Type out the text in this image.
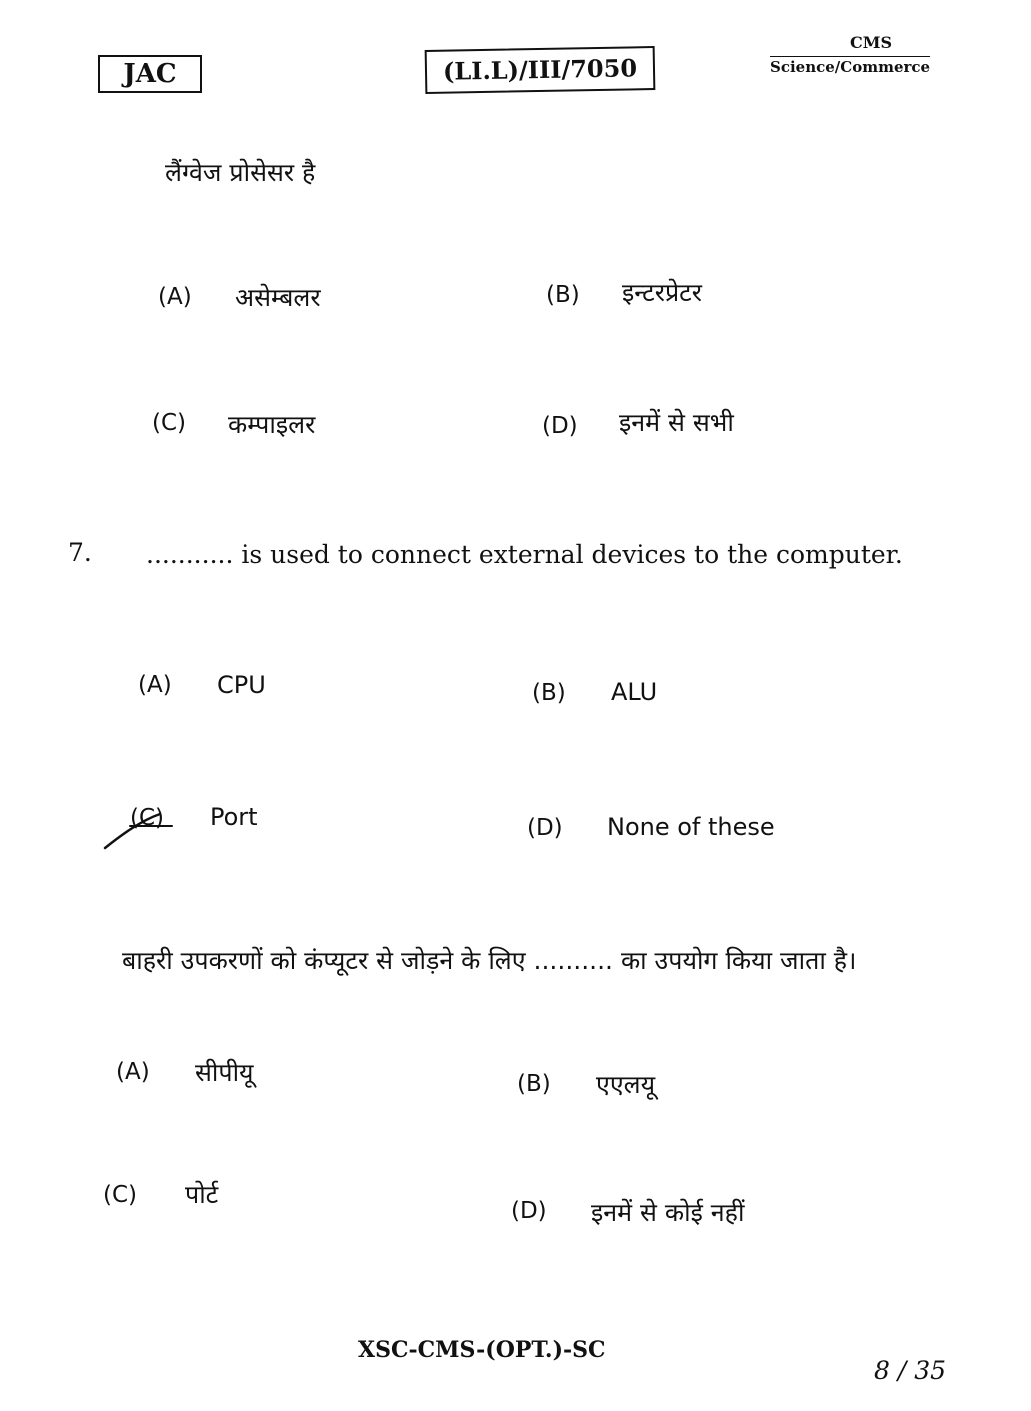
JAC	(LI.L)/III/7050
CMS
Science/Commerce
लैंग्वेज प्रोसेसर है
(A) असेम्बलर	(B) इन्टरप्रेटर
(C) कम्पाइलर	(D) इनमें से सभी
7. ........... is used to connect external devices to the computer.
(A) CPU	(B) ALU
(C) Port	(D) None of these
बाहरी उपकरणों को कंप्यूटर से जोड़ने के लिए .......... का उपयोग किया जाता है।
(A) सीपीयू	(B) एएलयू
(C) पोर्ट
(D) इनमें से कोई नहीं
XSC-CMS-(OPT.)-SC
8 / 35
